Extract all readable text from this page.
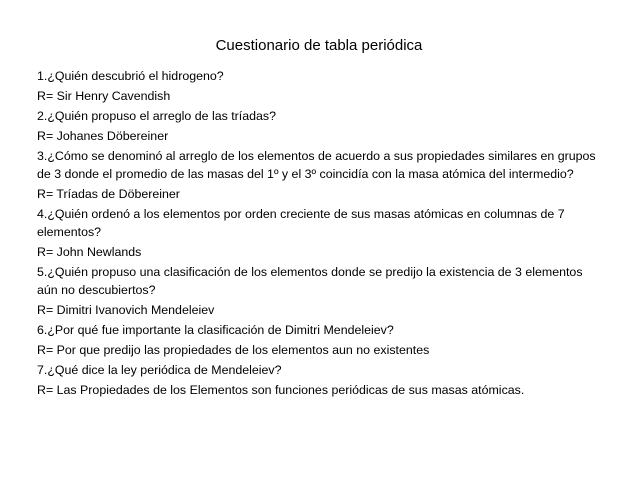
Cuestionario de tabla periódica

1.¿Quién descubrió el hidrogeno?

R= Sir Henry Cavendish

2.¿Quién propuso el arreglo de las tríadas?

R= Johanes Döbereiner

3.¿Cómo se denominó al arreglo de los elementos de acuerdo a sus propiedades similares en grupos de 3 donde el promedio de las masas del 1º y el 3º coincidía con la masa atómica del intermedio?

R= Tríadas de Döbereiner

4.¿Quién ordenó a los elementos por orden creciente de sus masas atómicas en columnas de 7 elementos?

R= John Newlands

5.¿Quién propuso una clasificación de los elementos donde se predijo la existencia de 3 elementos aún no descubiertos?

R= Dimitri Ivanovich Mendeleiev

6.¿Por qué fue importante la clasificación de Dimitri Mendeleiev?

R= Por que predijo las propiedades de los elementos aun no existentes

7.¿Qué dice la ley periódica de Mendeleiev?

R= Las Propiedades de los Elementos son funciones periódicas de sus masas atómicas.
